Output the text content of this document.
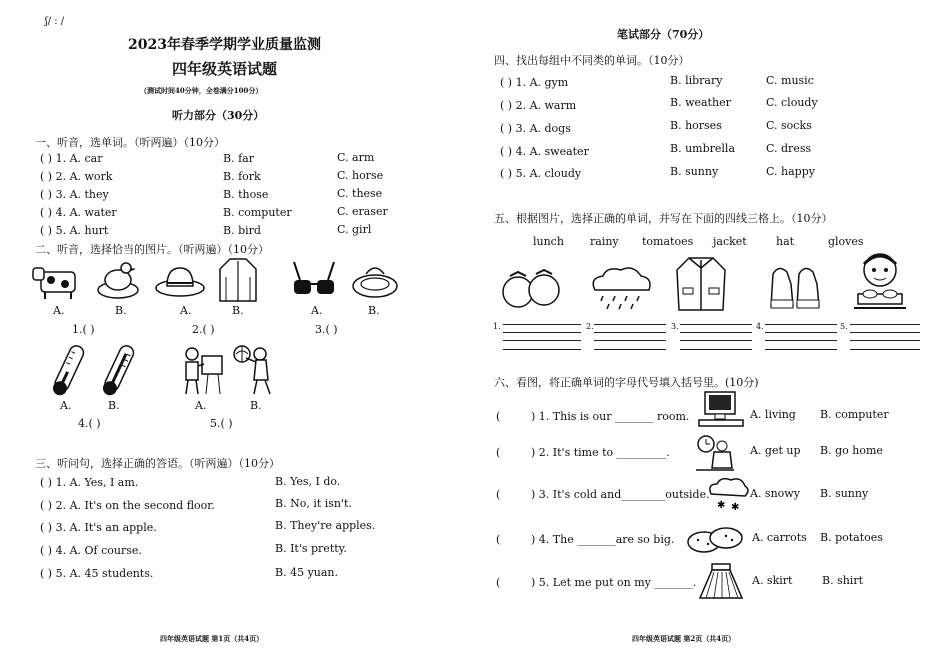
ʃ/ : /
2023年春季学期学业质量监测
四年级英语试题
（测试时间40分钟，全卷满分100分）
听力部分（30分）
一、听音，选单词。（听两遍）（10分）
( ) 1. A. car	B. far	C. arm
( ) 2. A. work	B. fork	C. horse
( ) 3. A. they	B. those	C. these
( ) 4. A. water	B. computer	C. eraser
( ) 5. A. hurt	B. bird	C. girl
二、听音，选择恰当的图片。（听两遍）（10分）
A.	B.	A.	B.	A.	B.
1.( )	2.( )	3.( )
A.	B.	A.	B.
4.( )	5.( )
三、听问句，选择正确的答语。（听两遍）（10分）
( ) 1. A. Yes, I am.	B. Yes, I do.
( ) 2. A. It's on the second floor.	B. No, it isn't.
( ) 3. A. It's an apple.	B. They're apples.
( ) 4. A. Of course.	B. It's pretty.
( ) 5. A. 45 students.	B. 45 yuan.
四年级英语试题 第1页（共4页）
笔试部分（70分）
四、找出每组中不同类的单词。（10分）
( ) 1. A. gym	B. library	C. music
( ) 2. A. warm	B. weather	C. cloudy
( ) 3. A. dogs	B. horses	C. socks
( ) 4. A. sweater	B. umbrella	C. dress
( ) 5. A. cloudy	B. sunny	C. happy
五、根据图片，选择正确的单词，并写在下面的四线三格上。（10分）
lunch rainy tomatoes jacket	hat	gloves
1.	2.	3.	4.	5.
六、看图，将正确单词的字母代号填入括号里。(10分)
(	) 1. This is our _______ room.	A. living B. computer
(	) 2. It's time to _________.	A. get up B. go home
(	) 3. It's cold and________outside.	A. snowy B. sunny
(	) 4. The _______are so big.	A. carrots B. potatoes
(	) 5. Let me put on my _______.	A. skirt	B. shirt
✱ ✱
四年级英语试题 第2页（共4页）
